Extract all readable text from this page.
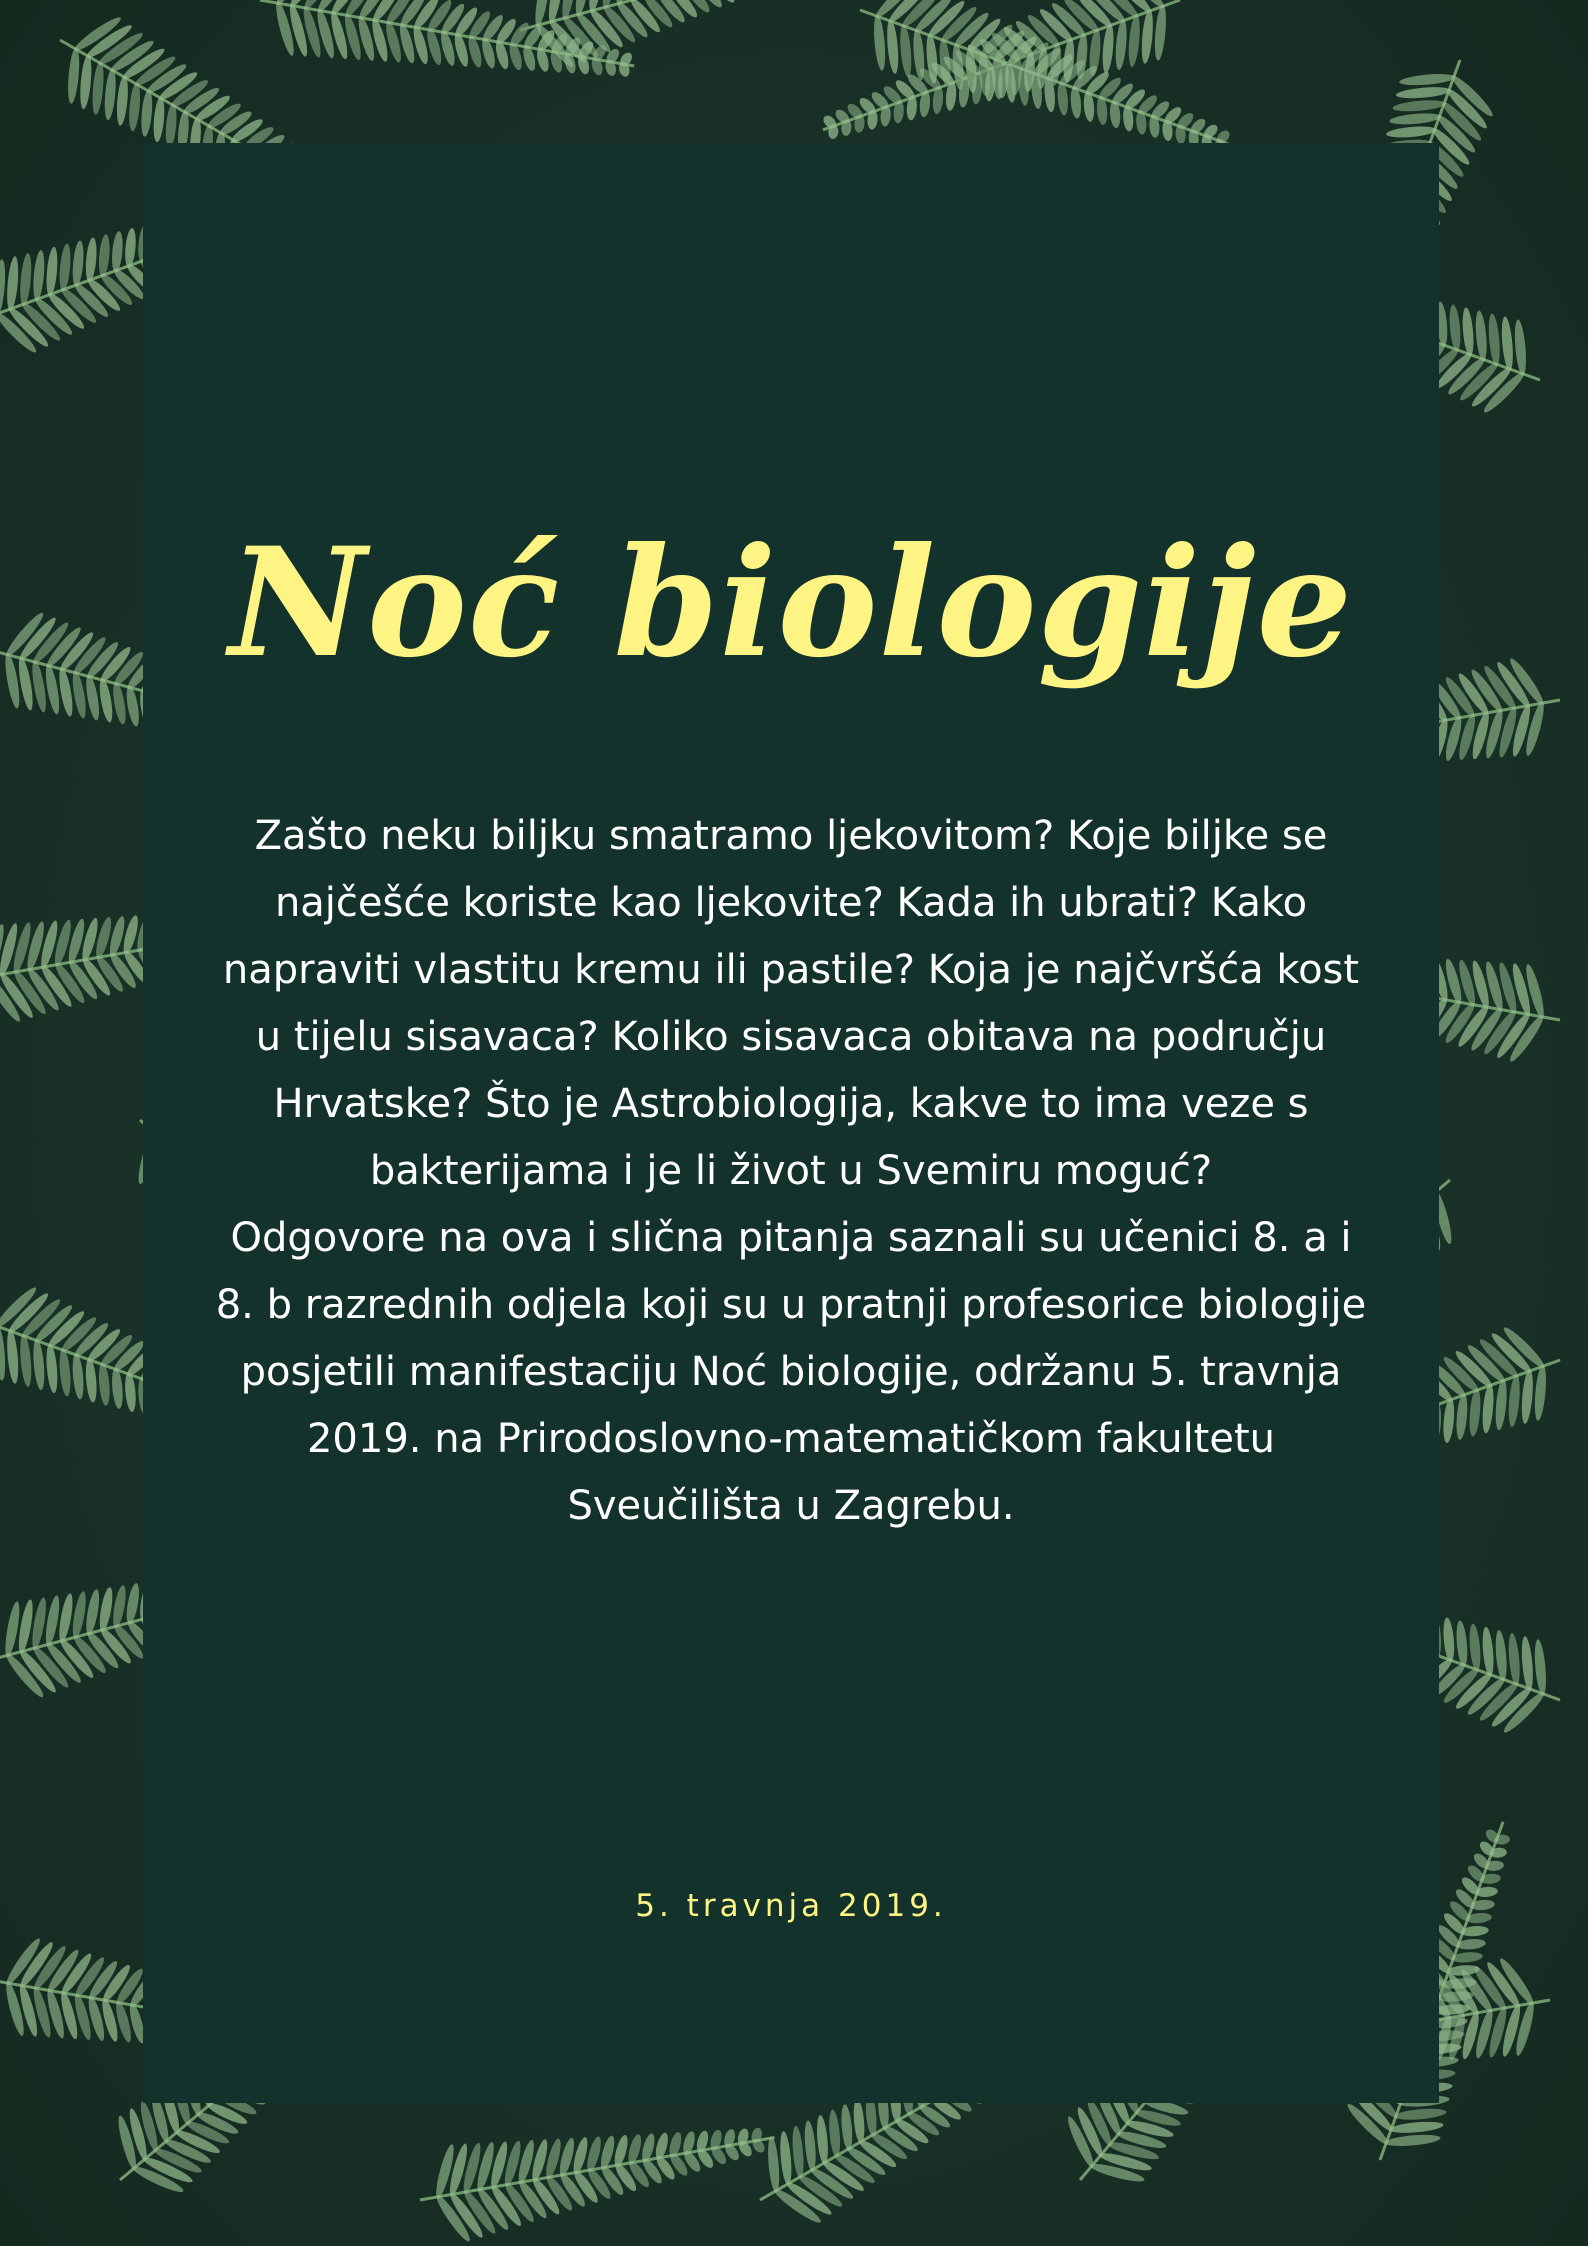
Noć biologije

Zašto neku biljku smatramo ljekovitom? Koje biljke se najčešće koriste kao ljekovite? Kada ih ubrati? Kako napraviti vlastitu kremu ili pastile? Koja je najčvršća kost u tijelu sisavaca? Koliko sisavaca obitava na području Hrvatske? Što je Astrobiologija, kakve to ima veze s bakterijama i je li život u Svemiru moguć?

Odgovore na ova i slična pitanja saznali su učenici 8. a i 8. b razrednih odjela koji su u pratnji profesorice biologije posjetili manifestaciju Noć biologije, održanu 5. travnja 2019. na Prirodoslovno-matematičkom fakultetu Sveučilišta u Zagrebu.

5. travnja 2019.
